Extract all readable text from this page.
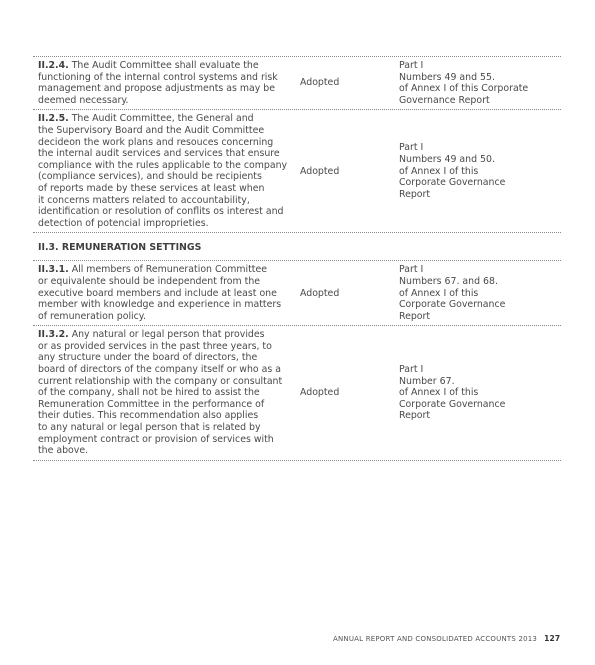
II.2.4. The Audit Committee shall evaluate the
functioning of the internal control systems and risk
management and propose adjustments as may be
deemed necessary.
Adopted
Part I
Numbers 49 and 55.
of Annex I of this Corporate
Governance Report
II.2.5. The Audit Committee, the General and
the Supervisory Board and the Audit Committee
decideon the work plans and resouces concerning
the internal audit services and services that ensure
compliance with the rules applicable to the company
(compliance services), and should be recipients
of reports made by these services at least when
it concerns matters related to accountability,
identification or resolution of conflits os interest and
detection of potencial improprieties.
Adopted
Part I
Numbers 49 and 50.
of Annex I of this
Corporate Governance
Report
II.3. REMUNERATION SETTINGS
II.3.1. All members of Remuneration Committee
or equivalente should be independent from the
executive board members and include at least one
member with knowledge and experience in matters
of remuneration policy.
Adopted
Part I
Numbers 67. and 68.
of Annex I of this
Corporate Governance
Report
II.3.2. Any natural or legal person that provides
or as provided services in the past three years, to
any structure under the board of directors, the
board of directors of the company itself or who as a
current relationship with the company or consultant
of the company, shall not be hired to assist the
Remuneration Committee in the performance of
their duties. This recommendation also applies
to any natural or legal person that is related by
employment contract or provision of services with
the above.
Adopted
Part I
Number 67.
of Annex I of this
Corporate Governance
Report
ANNUAL REPORT AND CONSOLIDATED ACCOUNTS 2013 127
